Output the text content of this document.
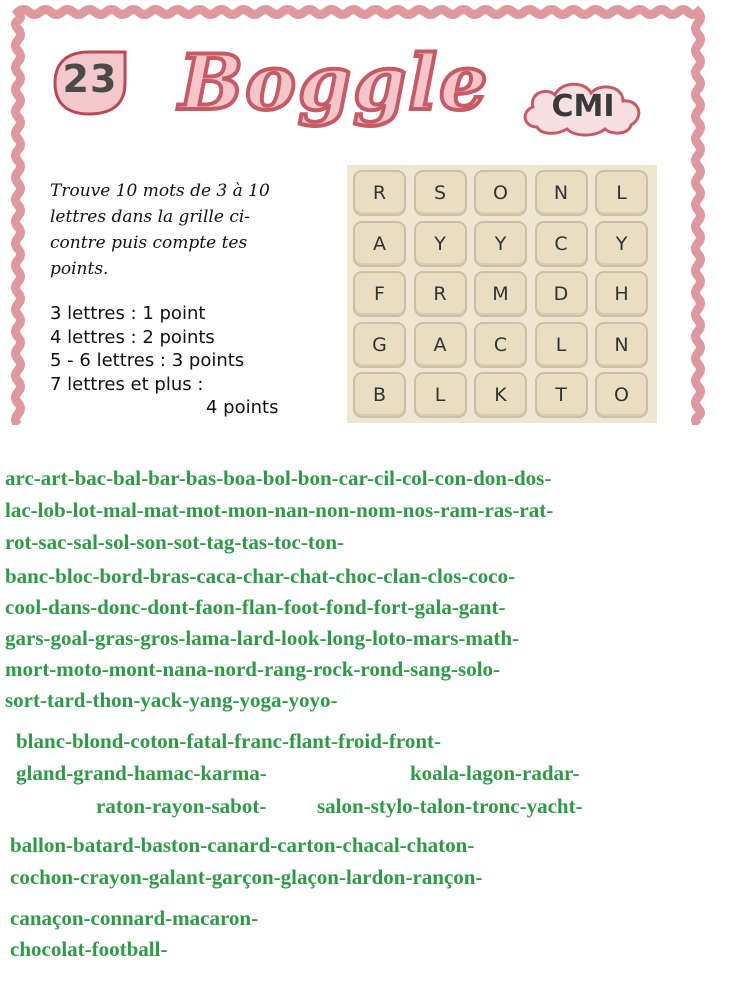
23 Boggle	CMI
Trouve 10 mots de 3 à 10
lettres dans la grille ci-
contre puis compte tes
points.
3 lettres : 1 point
4 lettres : 2 points
5 - 6 lettres : 3 points
7 lettres et plus :
4 points
R	S	O	N	L
A	Y	Y	C	Y
F	R	M	D	H
G	A	C	L	N
B	L	K	T	O
arc-art-bac-bal-bar-bas-boa-bol-bon-car-cil-col-con-don-dos-
lac-lob-lot-mal-mat-mot-mon-nan-non-nom-nos-ram-ras-rat-
rot-sac-sal-sol-son-sot-tag-tas-toc-ton-
banc-bloc-bord-bras-caca-char-chat-choc-clan-clos-coco-
cool-dans-donc-dont-faon-flan-foot-fond-fort-gala-gant-
gars-goal-gras-gros-lama-lard-look-long-loto-mars-math-
mort-moto-mont-nana-nord-rang-rock-rond-sang-solo-
sort-tard-thon-yack-yang-yoga-yoyo-
blanc-blond-coton-fatal-franc-flant-froid-front-
gland-grand-hamac-karma-	koala-lagon-radar-
raton-rayon-sabot- salon-stylo-talon-tronc-yacht-
ballon-batard-baston-canard-carton-chacal-chaton-
cochon-crayon-galant-garçon-glaçon-lardon-rançon-
canaçon-connard-macaron-
chocolat-football-
